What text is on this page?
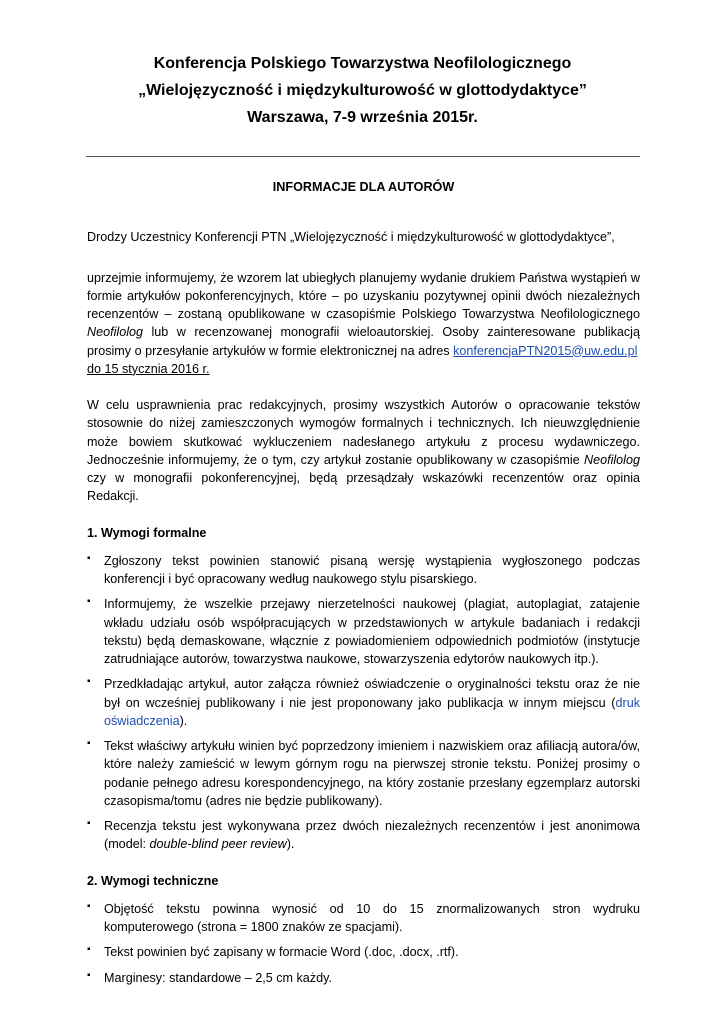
Konferencja Polskiego Towarzystwa Neofilologicznego
„Wielojęzyczność i międzykulturowość w glottodydaktyce”
Warszawa, 7-9 września 2015r.
INFORMACJE DLA AUTORÓW

Drodzy Uczestnicy Konferencji PTN „Wielojęzyczność i międzykulturowość w glottodydaktyce”,

uprzejmie informujemy, że wzorem lat ubiegłych planujemy wydanie drukiem Państwa wystąpień w formie artykułów pokonferencyjnych, które – po uzyskaniu pozytywnej opinii dwóch niezależnych recenzentów – zostaną opublikowane w czasopiśmie Polskiego Towarzystwa Neofilologicznego Neofilolog lub w recenzowanej monografii wieloautorskiej. Osoby zainteresowane publikacją prosimy o przesyłanie artykułów w formie elektronicznej na adres konferencjaPTN2015@uw.edu.pl
do 15 stycznia 2016 r.

W celu usprawnienia prac redakcyjnych, prosimy wszystkich Autorów o opracowanie tekstów stosownie do niżej zamieszczonych wymogów formalnych i technicznych. Ich nieuwzględnienie może bowiem skutkować wykluczeniem nadesłanego artykułu z procesu wydawniczego. Jednocześnie informujemy, że o tym, czy artykuł zostanie opublikowany w czasopiśmie Neofilolog czy w monografii pokonferencyjnej, będą przesądzały wskazówki recenzentów oraz opinia Redakcji.

1. Wymogi formalne
▪ Zgłoszony tekst powinien stanowić pisaną wersję wystąpienia wygłoszonego podczas konferencji i być opracowany według naukowego stylu pisarskiego.
▪ Informujemy, że wszelkie przejawy nierzetelności naukowej (plagiat, autoplagiat, zatajenie wkładu udziału osób współpracujących w przedstawionych w artykule badaniach i redakcji tekstu) będą demaskowane, włącznie z powiadomieniem odpowiednich podmiotów (instytucje zatrudniające autorów, towarzystwa naukowe, stowarzyszenia edytorów naukowych itp.).
▪ Przedkładając artykuł, autor załącza również oświadczenie o oryginalności tekstu oraz że nie był on wcześniej publikowany i nie jest proponowany jako publikacja w innym miejscu (druk oświadczenia).
▪ Tekst właściwy artykułu winien być poprzedzony imieniem i nazwiskiem oraz afiliacją autora/ów, które należy zamieścić w lewym górnym rogu na pierwszej stronie tekstu. Poniżej prosimy o podanie pełnego adresu korespondencyjnego, na który zostanie przesłany egzemplarz autorski czasopisma/tomu (adres nie będzie publikowany).
▪ Recenzja tekstu jest wykonywana przez dwóch niezależnych recenzentów i jest anonimowa (model: double-blind peer review).
2. Wymogi techniczne
▪ Objętość tekstu powinna wynosić od 10 do 15 znormalizowanych stron wydruku komputerowego (strona = 1800 znaków ze spacjami).
▪ Tekst powinien być zapisany w formacie Word (.doc, .docx, .rtf).
▪ Marginesy: standardowe – 2,5 cm każdy.
